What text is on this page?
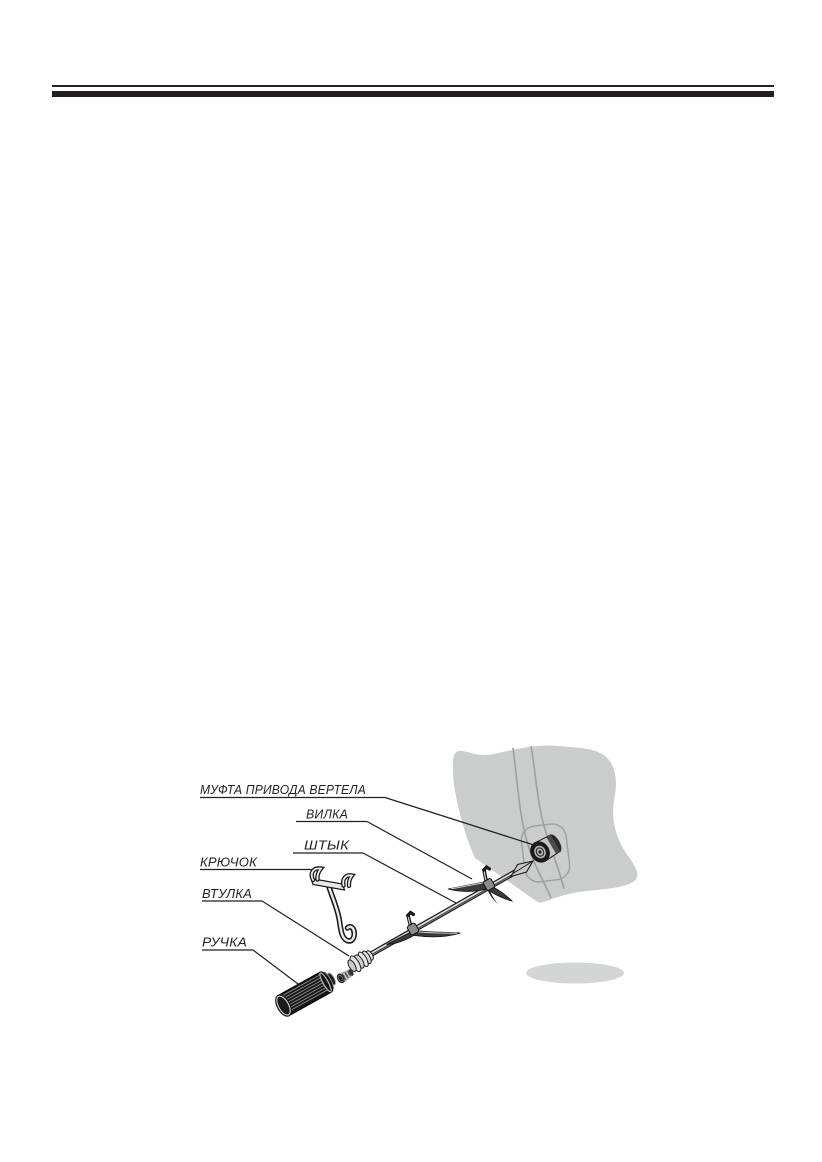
МУФТА ПРИВОДА ВЕРТЕЛА
ВИЛКА
ШТЫК
КРЮЧОК
ВТУЛКА
РУЧКА
